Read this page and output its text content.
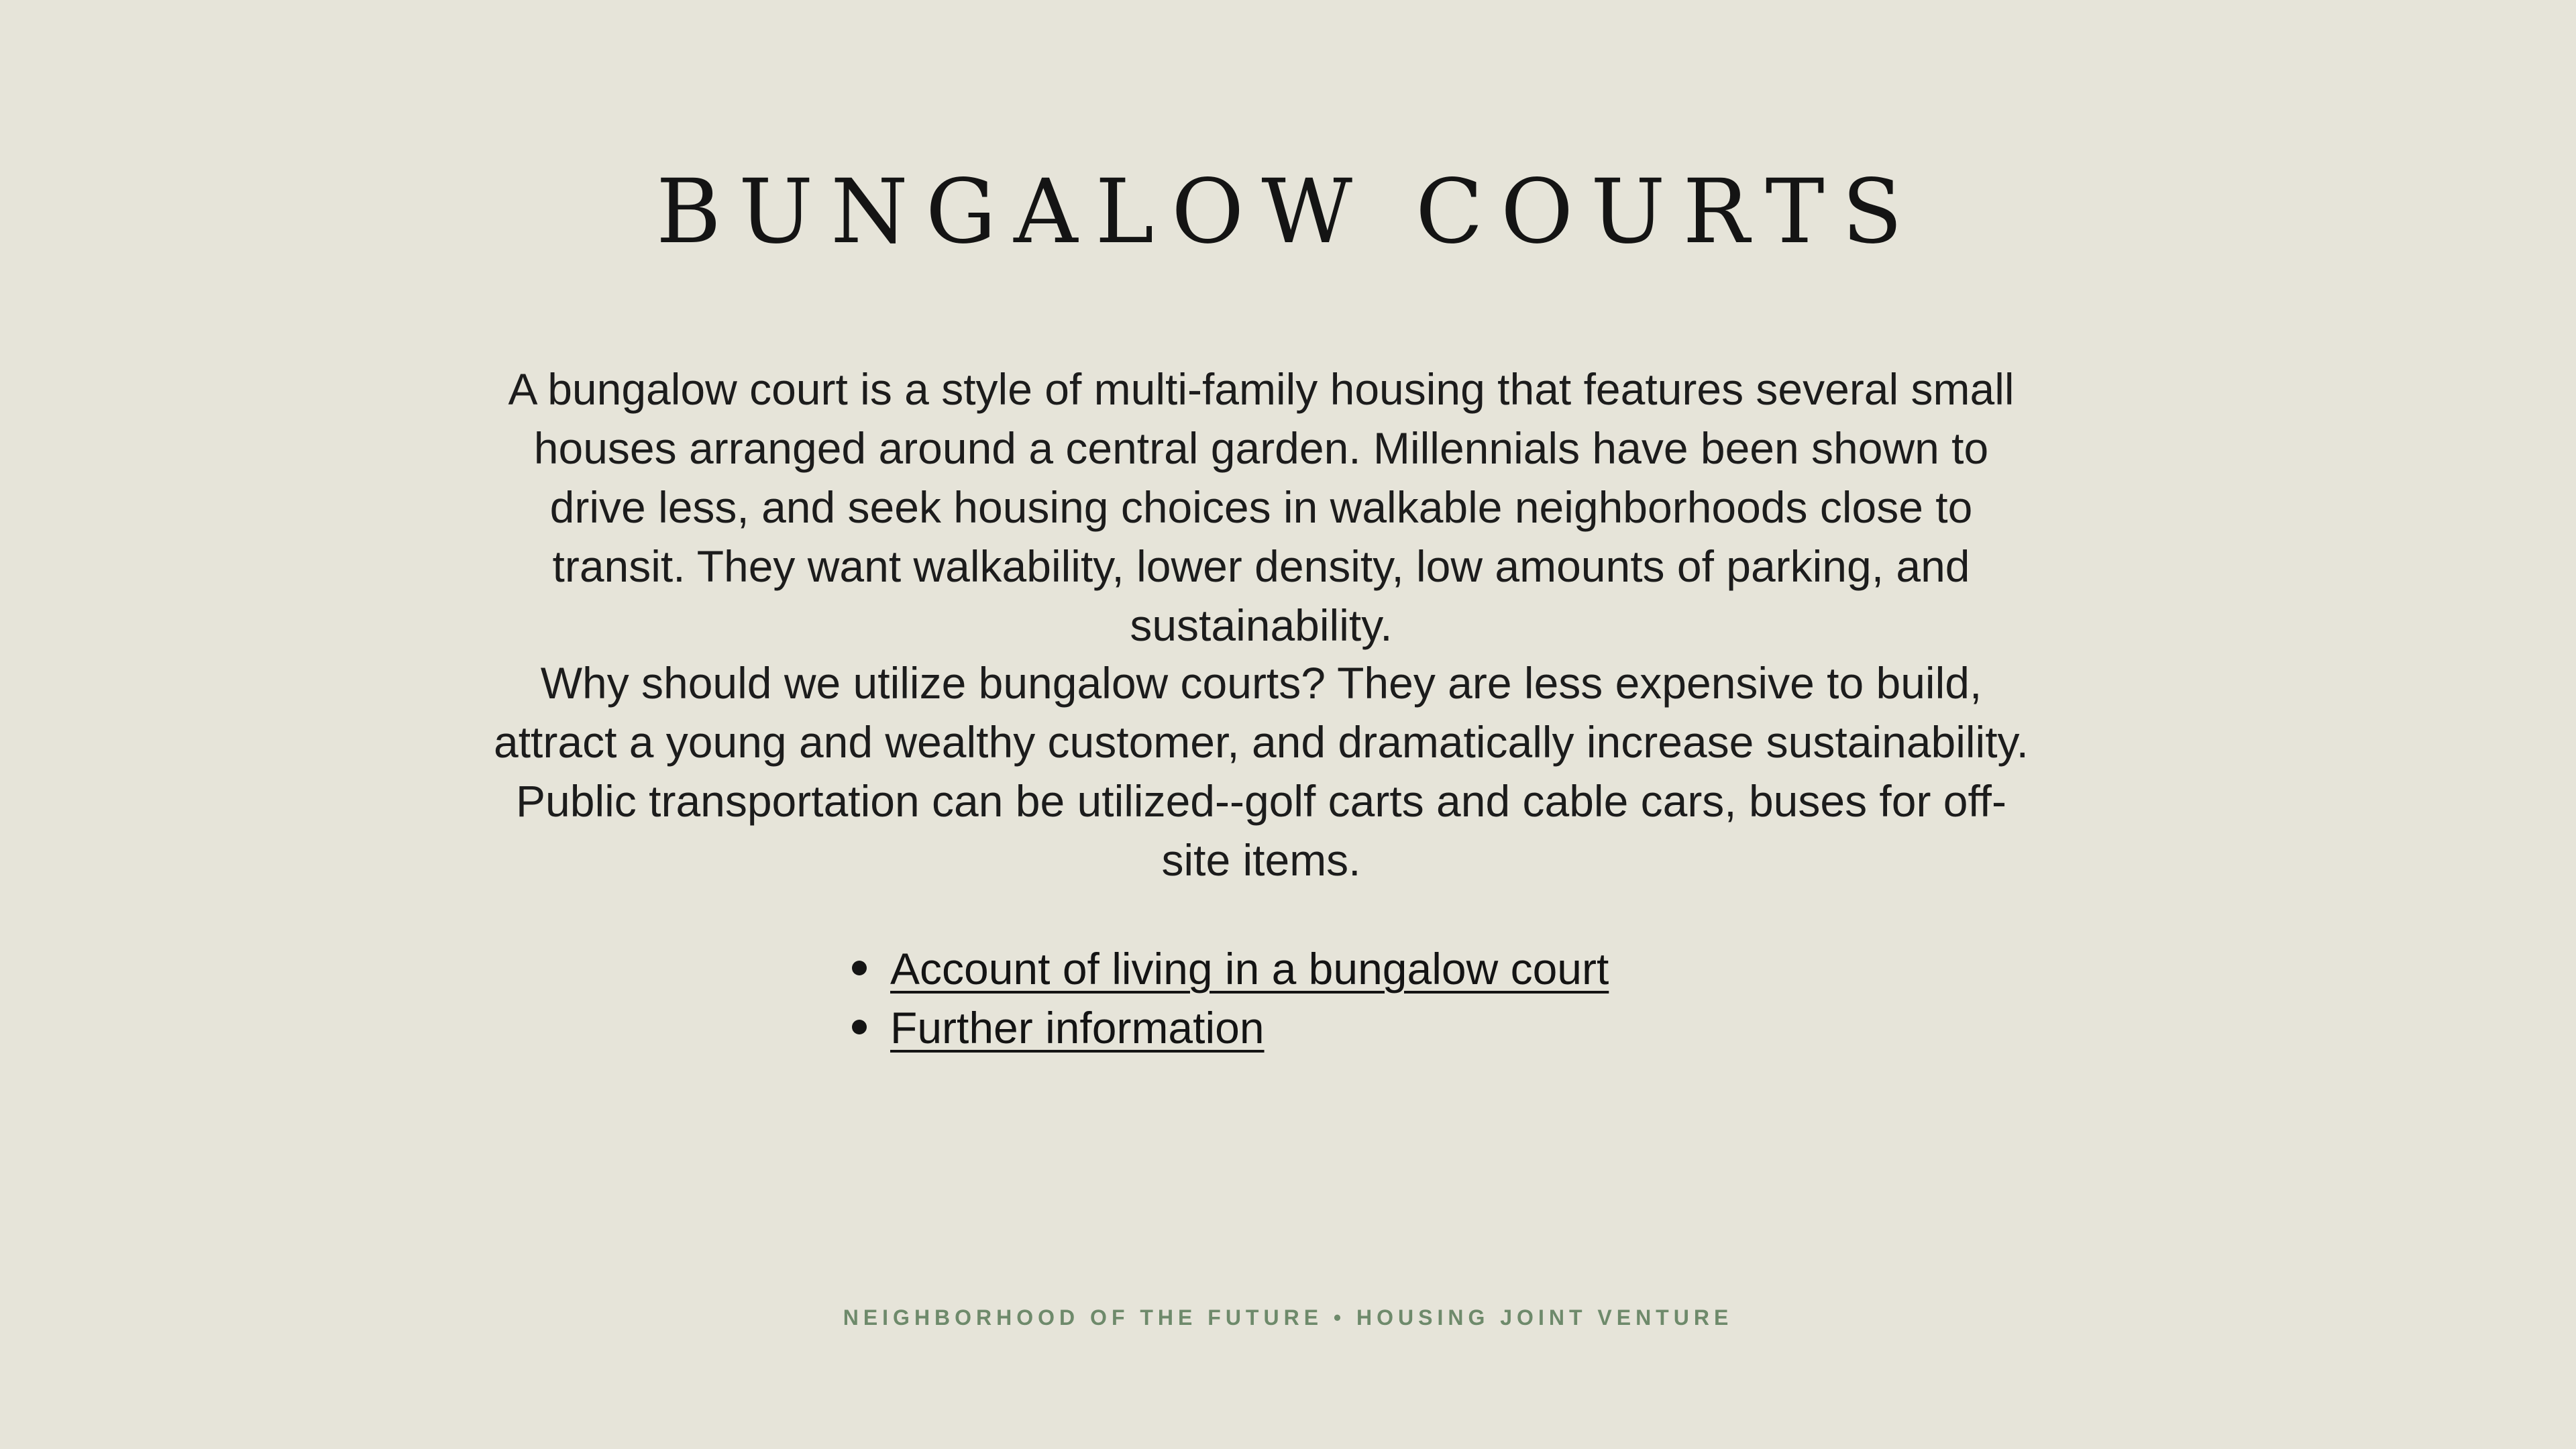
BUNGALOW COURTS

A bungalow court is a style of multi-family housing that features several small houses arranged around a central garden. Millennials have been shown to drive less, and seek housing choices in walkable neighborhoods close to transit. They want walkability, lower density, low amounts of parking, and sustainability.

Why should we utilize bungalow courts? They are less expensive to build, attract a young and wealthy customer, and dramatically increase sustainability. Public transportation can be utilized--golf carts and cable cars, buses for off-site items.

Account of living in a bungalow court
Further information

NEIGHBORHOOD OF THE FUTURE • HOUSING JOINT VENTURE
